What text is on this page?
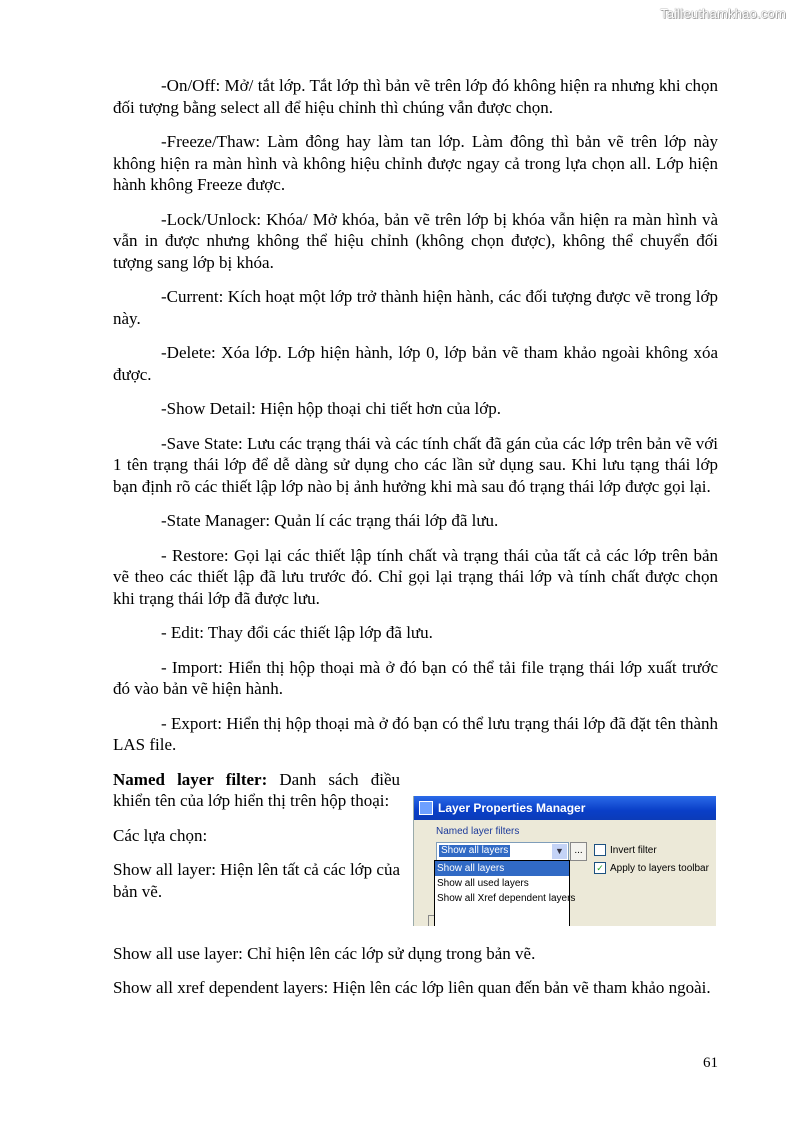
Tailieuthamkhao.com

-On/Off: Mở/ tắt lớp. Tắt lớp thì bản vẽ trên lớp đó không hiện ra nhưng khi chọn đối tượng bằng select all để hiệu chỉnh thì chúng vẫn được chọn.

-Freeze/Thaw: Làm đông hay làm tan lớp. Làm đông thì bản vẽ trên lớp này không hiện ra màn hình và không hiệu chỉnh được ngay cả trong lựa chọn all. Lớp hiện hành không Freeze được.

-Lock/Unlock: Khóa/ Mở khóa, bản vẽ trên lớp bị khóa vẫn hiện ra màn hình và vẫn in được nhưng không thể hiệu chỉnh (không chọn được), không thể chuyển đối tượng sang lớp bị khóa.

-Current: Kích hoạt một lớp trở thành hiện hành, các đối tượng được vẽ trong lớp này.

-Delete: Xóa lớp. Lớp hiện hành, lớp 0, lớp bản vẽ tham khảo ngoài không xóa được.

-Show Detail: Hiện hộp thoại chi tiết hơn của lớp.

-Save State: Lưu các trạng thái và các tính chất đã gán của các lớp trên bản vẽ với 1 tên trạng thái lớp để dễ dàng sử dụng cho các lần sử dụng sau. Khi lưu tạng thái lớp bạn định rõ các thiết lập lớp nào bị ảnh hưởng khi mà sau đó trạng thái lớp được gọi lại.

-State Manager: Quản lí các trạng thái lớp đã lưu.

- Restore: Gọi lại các thiết lập tính chất và trạng thái của tất cả các lớp trên bản vẽ theo các thiết lập đã lưu trước đó. Chỉ gọi lại trạng thái lớp và tính chất được chọn khi trạng thái lớp đã được lưu.

- Edit: Thay đổi các thiết lập lớp đã lưu.

- Import: Hiển thị hộp thoại mà ở đó bạn có thể tải file trạng thái lớp xuất trước đó vào bản vẽ hiện hành.

- Export: Hiển thị hộp thoại mà ở đó bạn có thể lưu trạng thái lớp đã đặt tên thành LAS file.

Named layer filter: Danh sách điều khiển tên của lớp hiển thị trên hộp thoại:

Các lựa chọn:

Show all layer: Hiện lên tất cả các lớp của bản vẽ.

Show all use layer: Chỉ hiện lên các lớp sử dụng trong bản vẽ.

Show all xref dependent layers: Hiện lên các lớp liên quan đến bản vẽ tham khảo ngoài.

Layer Properties Manager
Named layer filters
Show all layers	▼	...	Invert filter
✓ Apply to layers toolbar
Show all layers
Show all used layers
Show all Xref dependent layers
61
